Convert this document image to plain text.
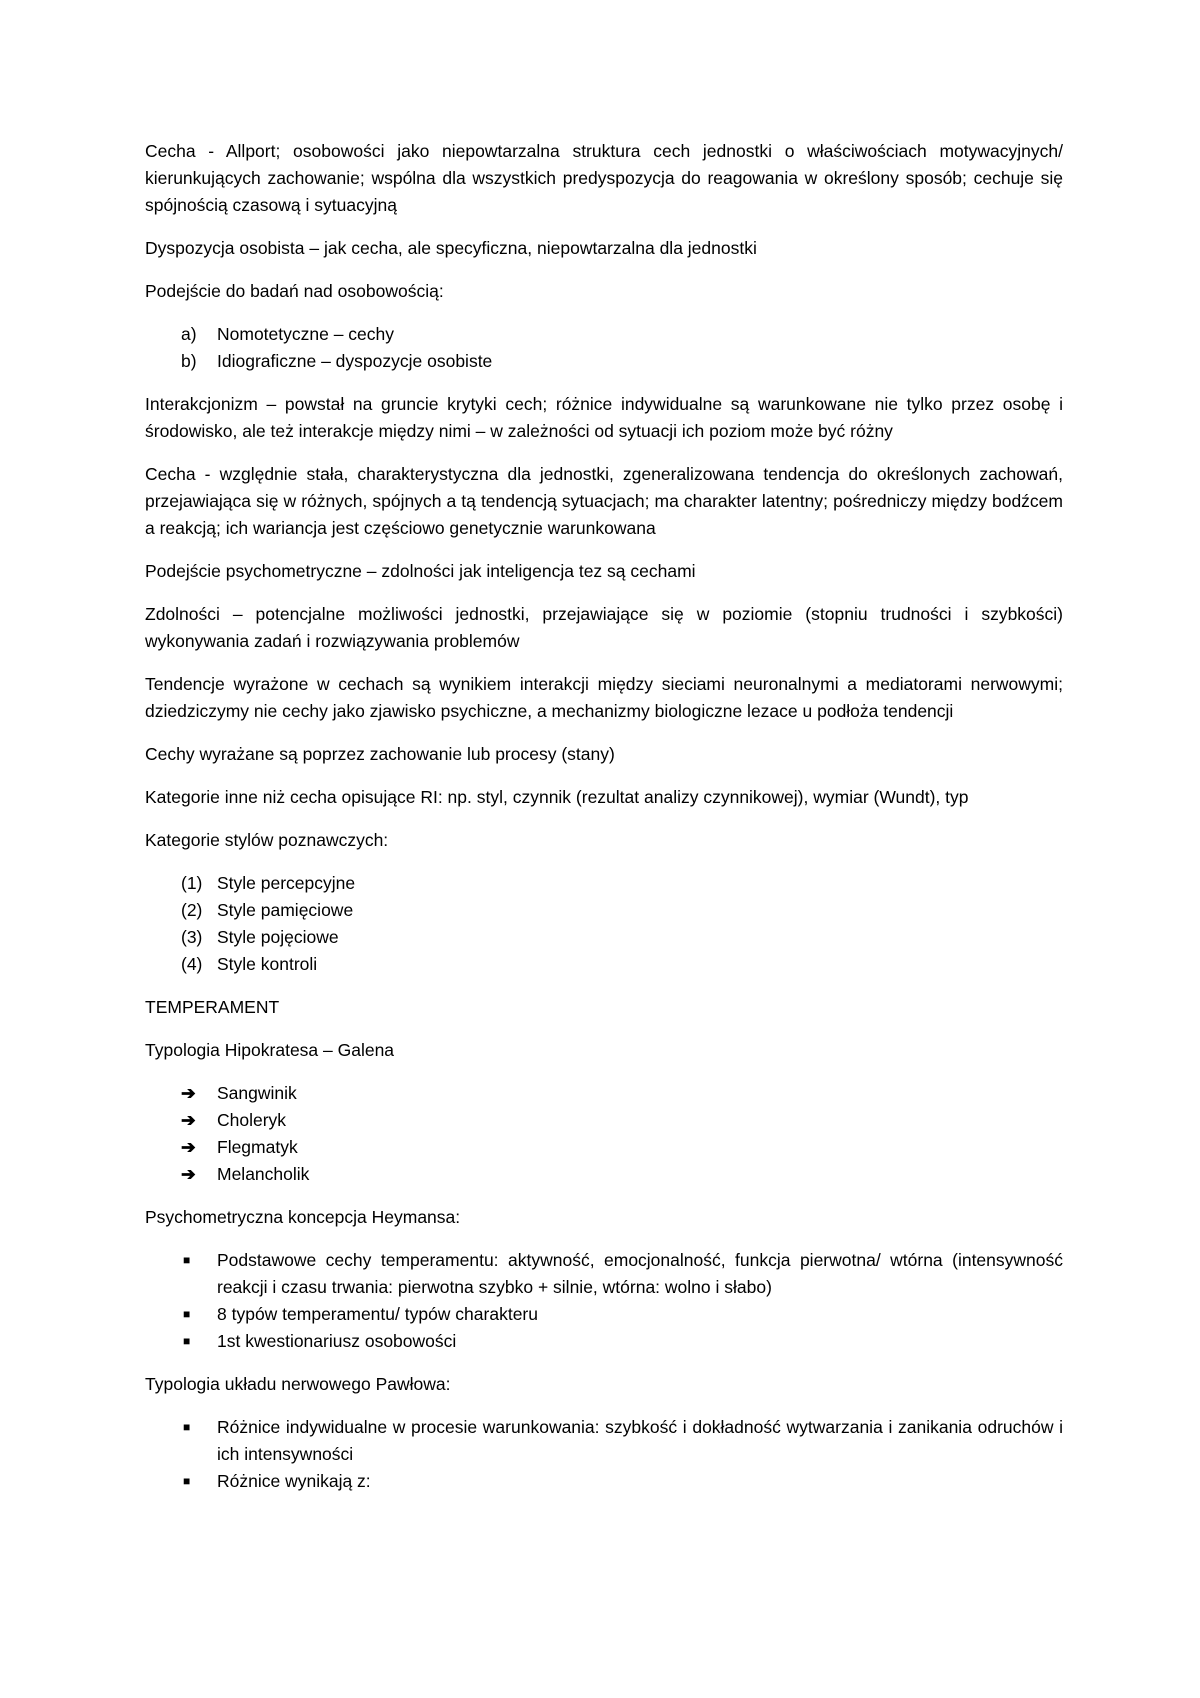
Cecha - Allport; osobowości jako niepowtarzalna struktura cech jednostki o właściwościach motywacyjnych/ kierunkujących zachowanie; wspólna dla wszystkich predyspozycja do reagowania w określony sposób; cechuje się spójnością czasową i sytuacyjną

Dyspozycja osobista – jak cecha, ale specyficzna, niepowtarzalna dla jednostki

Podejście do badań nad osobowością:

a) Nomotetyczne – cechy
b) Idiograficzne – dyspozycje osobiste

Interakcjonizm – powstał na gruncie krytyki cech; różnice indywidualne są warunkowane nie tylko przez osobę i środowisko, ale też interakcje między nimi – w zależności od sytuacji ich poziom może być różny

Cecha - względnie stała, charakterystyczna dla jednostki, zgeneralizowana tendencja do określonych zachowań, przejawiająca się w różnych, spójnych a tą tendencją sytuacjach; ma charakter latentny; pośredniczy między bodźcem a reakcją; ich wariancja jest częściowo genetycznie warunkowana

Podejście psychometryczne – zdolności jak inteligencja tez są cechami

Zdolności – potencjalne możliwości jednostki, przejawiające się w poziomie (stopniu trudności i szybkości) wykonywania zadań i rozwiązywania problemów

Tendencje wyrażone w cechach są wynikiem interakcji między sieciami neuronalnymi a mediatorami nerwowymi; dziedziczymy nie cechy jako zjawisko psychiczne, a mechanizmy biologiczne lezace u podłoża tendencji

Cechy wyrażane są poprzez zachowanie lub procesy (stany)

Kategorie inne niż cecha opisujące RI: np. styl, czynnik (rezultat analizy czynnikowej), wymiar (Wundt), typ

Kategorie stylów poznawczych:

(1) Style percepcyjne
(2) Style pamięciowe
(3) Style pojęciowe
(4) Style kontroli

TEMPERAMENT

Typologia Hipokratesa – Galena

➔ Sangwinik
➔ Choleryk
➔ Flegmatyk
➔ Melancholik

Psychometryczna koncepcja Heymansa:

■ Podstawowe cechy temperamentu: aktywność, emocjonalność, funkcja pierwotna/ wtórna (intensywność reakcji i czasu trwania: pierwotna szybko + silnie, wtórna: wolno i słabo)
■ 8 typów temperamentu/ typów charakteru
■ 1st kwestionariusz osobowości

Typologia układu nerwowego Pawłowa:

■ Różnice indywidualne w procesie warunkowania: szybkość i dokładność wytwarzania i zanikania odruchów i ich intensywności
■ Różnice wynikają z:
